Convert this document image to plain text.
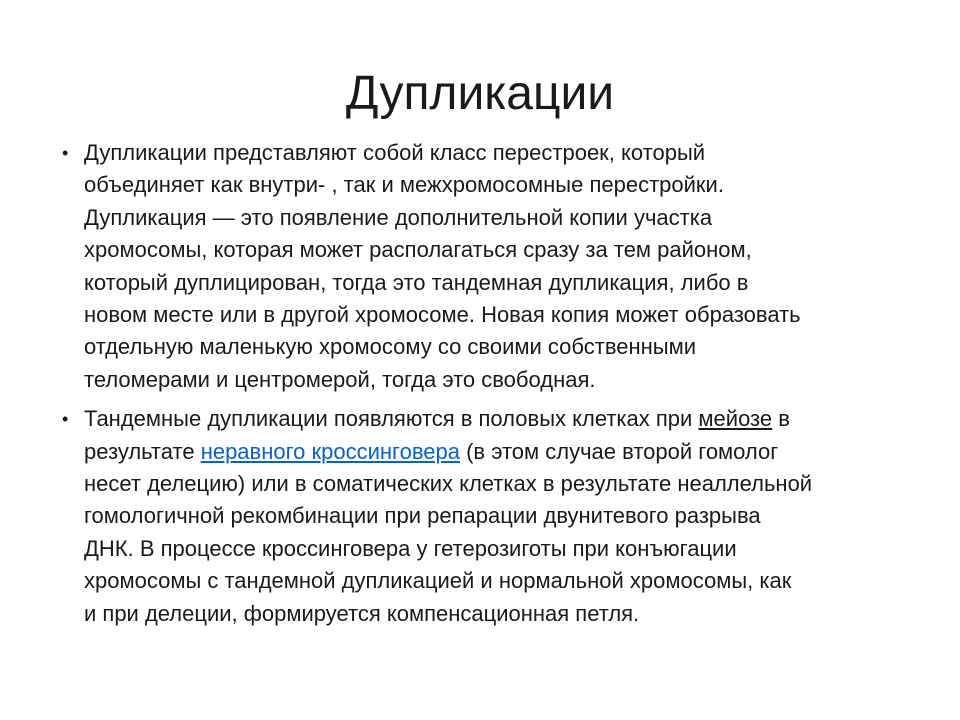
Дупликации
• Дупликации представляют собой класс перестроек, который
объединяет как внутри- , так и межхромосомные перестройки.
Дупликация — это появление дополнительной копии участка
хромосомы, которая может располагаться сразу за тем районом,
который дуплицирован, тогда это тандемная дупликация, либо в
новом месте или в другой хромосоме. Новая копия может образовать
отдельную маленькую хромосому со своими собственными
теломерами и центромерой, тогда это свободная.
• Тандемные дупликации появляются в половых клетках при мейозе в
результате неравного кроссинговера (в этом случае второй гомолог
несет делецию) или в соматических клетках в результате неаллельной
гомологичной рекомбинации при репарации двунитевого разрыва
ДНК. В процессе кроссинговера у гетерозиготы при конъюгации
хромосомы с тандемной дупликацией и нормальной хромосомы, как
и при делеции, формируется компенсационная петля.
